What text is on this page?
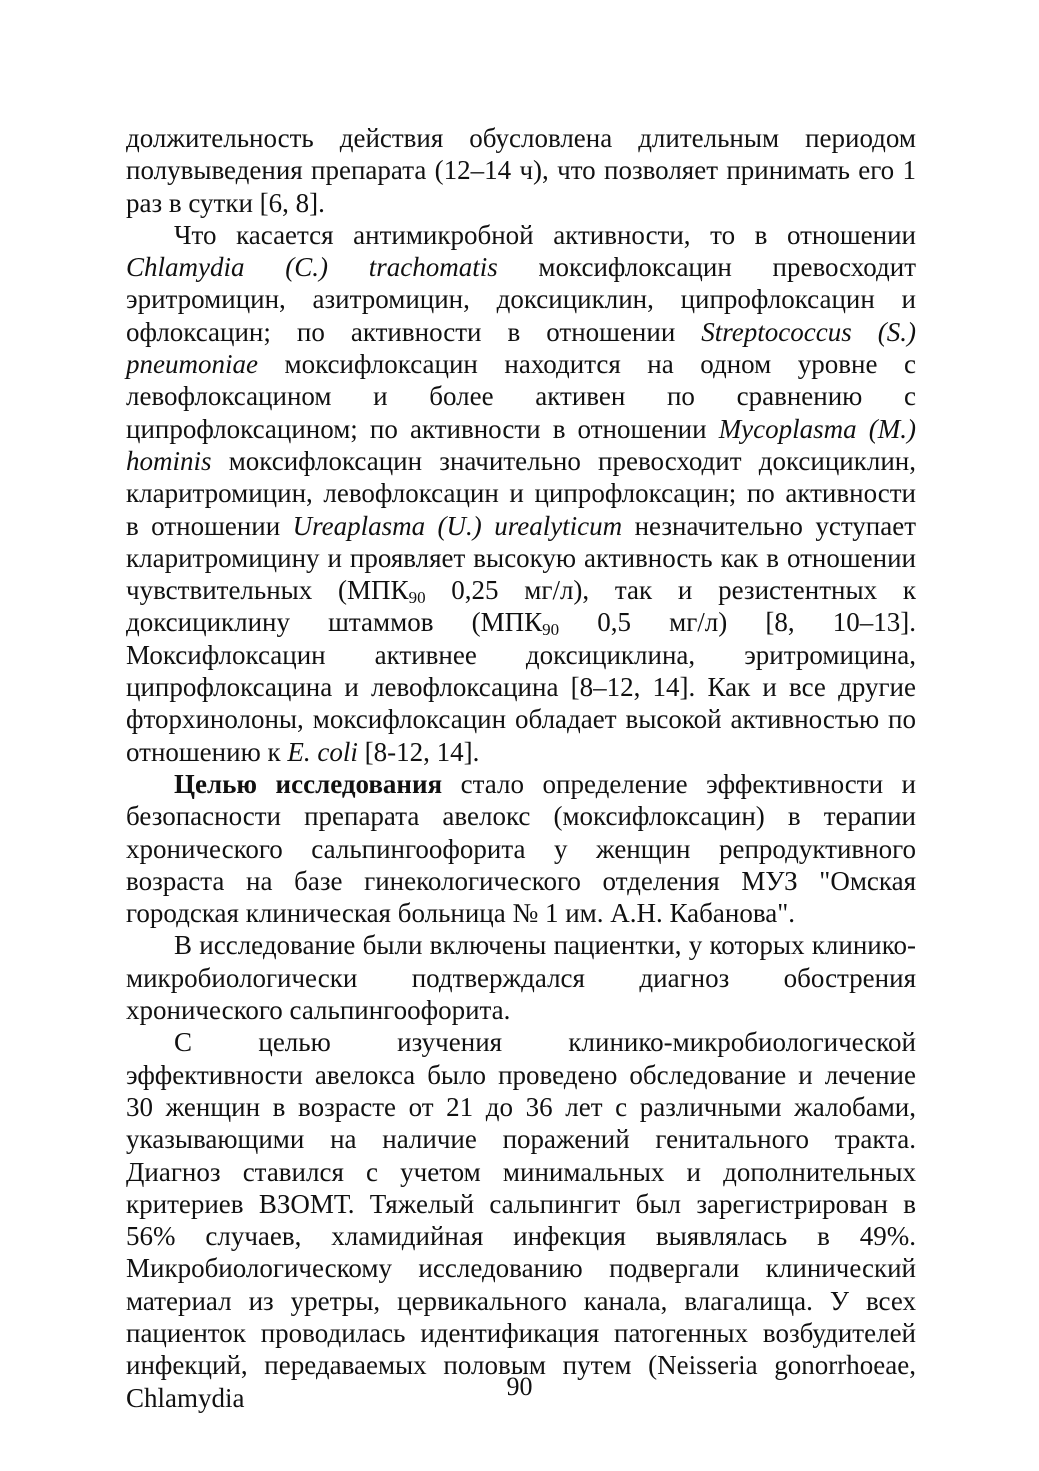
должительность действия обусловлена длительным периодом полувыведения препарата (12–14 ч), что позволяет принимать его 1 раз в сутки [6, 8].

Что касается антимикробной активности, то в отношении Chlamydia (C.) trachomatis моксифлоксацин превосходит эритромицин, азитромицин, доксициклин, ципрофлоксацин и офлоксацин; по активности в отношении Streptococcus (S.) pneumoniae моксифлоксацин находится на одном уровне с левофлоксацином и более активен по сравнению с ципрофлоксацином; по активности в отношении Mycoplasma (M.) hominis моксифлоксацин значительно превосходит доксициклин, кларитромицин, левофлоксацин и ципрофлоксацин; по активности в отношении Ureaplasma (U.) urealyticum незначительно уступает кларитромицину и проявляет высокую активность как в отношении чувствительных ($МПК_{90}$ 0,25 мг/л), так и резистентных к доксициклину штаммов ($МПК_{90}$ 0,5 мг/л) [8, 10–13]. Моксифлоксацин активнее доксициклина, эритромицина, ципрофлоксацина и левофлоксацина [8–12, 14]. Как и все другие фторхинолоны, моксифлоксацин обладает высокой активностью по отношению к E. coli [8-12, 14].

Целью исследования стало определение эффективности и безопасности препарата авелокс (моксифлоксацин) в терапии хронического сальпингоофорита у женщин репродуктивного возраста на базе гинекологического отделения МУЗ "Омская городская клиническая больница № 1 им. А.Н. Кабанова".

В исследование были включены пациентки, у которых клинико-микробиологически подтверждался диагноз обострения хронического сальпингоофорита.

С целью изучения клинико-микробиологической эффективности авелокса было проведено обследование и лечение 30 женщин в возрасте от 21 до 36 лет с различными жалобами, указывающими на наличие поражений генитального тракта. Диагноз ставился с учетом минимальных и дополнительных критериев ВЗОМТ. Тяжелый сальпингит был зарегистрирован в 56% случаев, хламидийная инфекция выявлялась в 49%. Микробиологическому исследованию подвергали клинический материал из уретры, цервикального канала, влагалища. У всех пациенток проводилась идентификация патогенных возбудителей инфекций, передаваемых половым путем (Neisseria gonorrhoeae, Chlamydia	90
